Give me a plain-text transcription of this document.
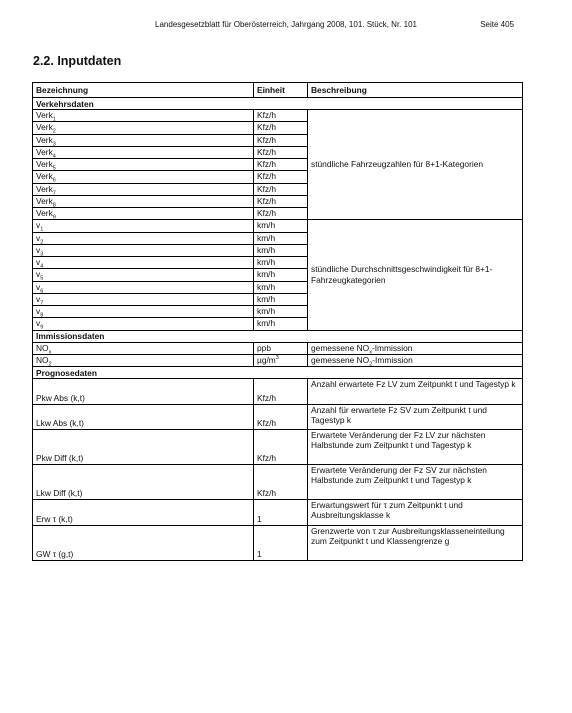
Landesgesetzblatt für Oberösterreich, Jahrgang 2008, 101. Stück, Nr. 101	Seite 405
2.2. Inputdaten
Bezeichnung	Einheit	Beschreibung
Verkehrsdaten		
Verk$_1$	Kfz/h	stündliche Fahrzeugzahlen für 8+1-Kategorien
Verk$_2$	Kfz/h	
Verk$_3$	Kfz/h	
Verk$_4$	Kfz/h	
Verk$_5$	Kfz/h	
Verk$_6$	Kfz/h	
Verk$_7$	Kfz/h	
Verk$_8$	Kfz/h	
Verk$_9$	Kfz/h	
$v_1$	km/h	stündliche Durchschnittsgeschwindigkeit für 8+1-Fahrzeugkategorien
$v_2$	km/h	
$v_3$	km/h	
$v_4$	km/h	
$v_5$	km/h	
$v_6$	km/h	
$v_7$	km/h	
$v_8$	km/h	
$v_9$	km/h	
Immissionsdaten		
$NO_x$	ppb	gemessene $NO_x$-Immission
$NO_2$	$\mu g/m^3$	gemessene $NO_2$-Immission
Prognosedaten		
Pkw Abs (k,t)	Kfz/h	Anzahl erwartete Fz LV zum Zeitpunkt t und Tagestyp k
Lkw Abs (k,t)	Kfz/h	Anzahl für erwartete Fz SV zum Zeitpunkt t und Tagestyp k
Pkw Diff (k,t)	Kfz/h	Erwartete Veränderung der Fz LV zur nächsten Halbstunde zum Zeitpunkt t und Tagestyp k
Lkw Diff (k,t)	Kfz/h	Erwartete Veränderung der Fz SV zur nächsten Halbstunde zum Zeitpunkt t und Tagestyp k
Erw τ (k,t)	1	Erwartungswert für τ zum Zeitpunkt t und Ausbreitungsklasse k
GW τ (g,t)	1	Grenzwerte von τ zur Ausbreitungsklasseneinteilung zum Zeitpunkt t und Klassengrenze g
